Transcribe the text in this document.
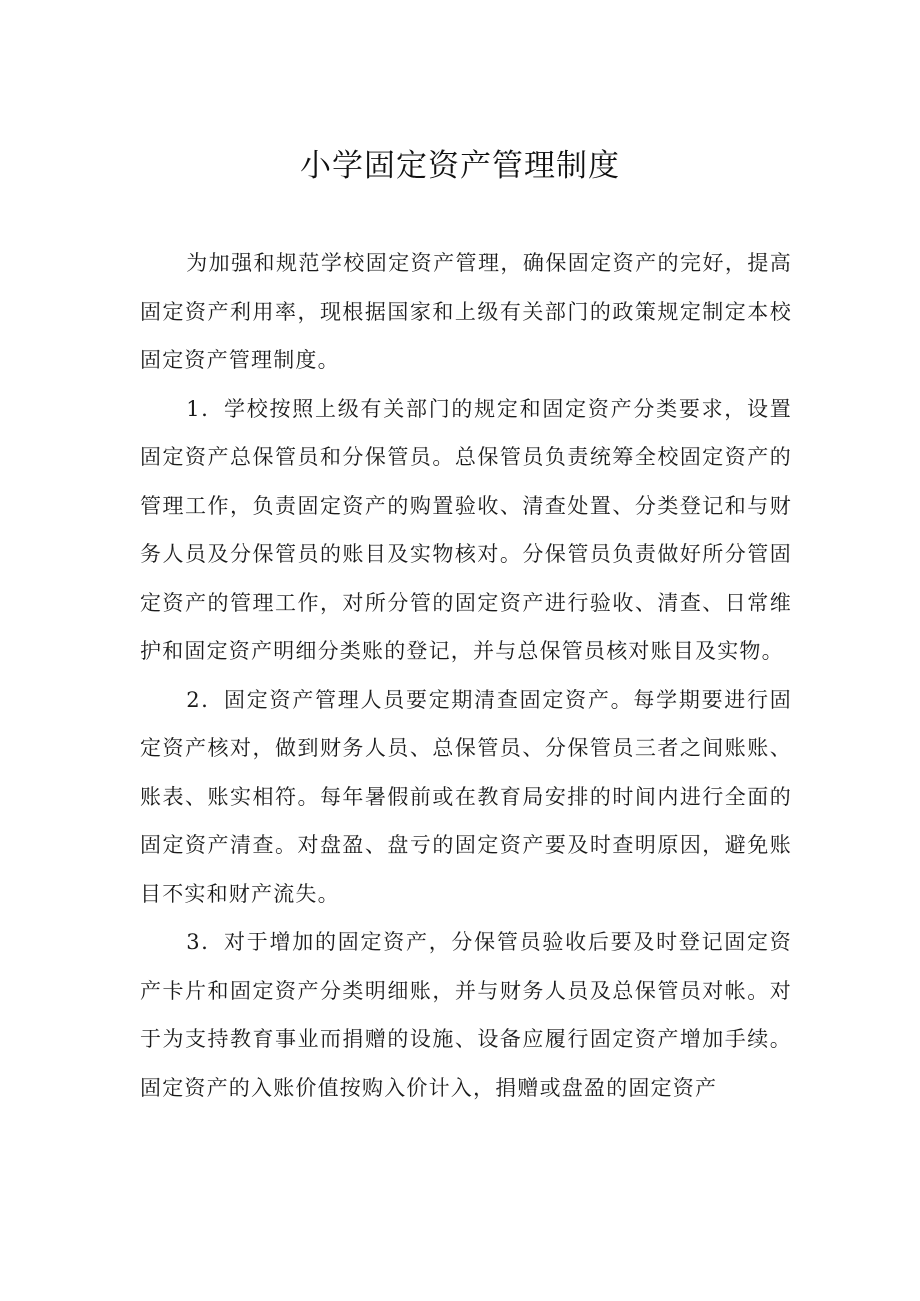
小学固定资产管理制度

为加强和规范学校固定资产管理，确保固定资产的完好，提高固定资产利用率，现根据国家和上级有关部门的政策规定制定本校固定资产管理制度。

1．学校按照上级有关部门的规定和固定资产分类要求，设置固定资产总保管员和分保管员。总保管员负责统筹全校固定资产的管理工作，负责固定资产的购置验收、清查处置、分类登记和与财务人员及分保管员的账目及实物核对。分保管员负责做好所分管固定资产的管理工作，对所分管的固定资产进行验收、清查、日常维护和固定资产明细分类账的登记，并与总保管员核对账目及实物。

2．固定资产管理人员要定期清查固定资产。每学期要进行固定资产核对，做到财务人员、总保管员、分保管员三者之间账账、账表、账实相符。每年暑假前或在教育局安排的时间内进行全面的固定资产清查。对盘盈、盘亏的固定资产要及时查明原因，避免账目不实和财产流失。

3．对于增加的固定资产，分保管员验收后要及时登记固定资产卡片和固定资产分类明细账，并与财务人员及总保管员对帐。对于为支持教育事业而捐赠的设施、设备应履行固定资产增加手续。固定资产的入账价值按购入价计入，捐赠或盘盈的固定资产
